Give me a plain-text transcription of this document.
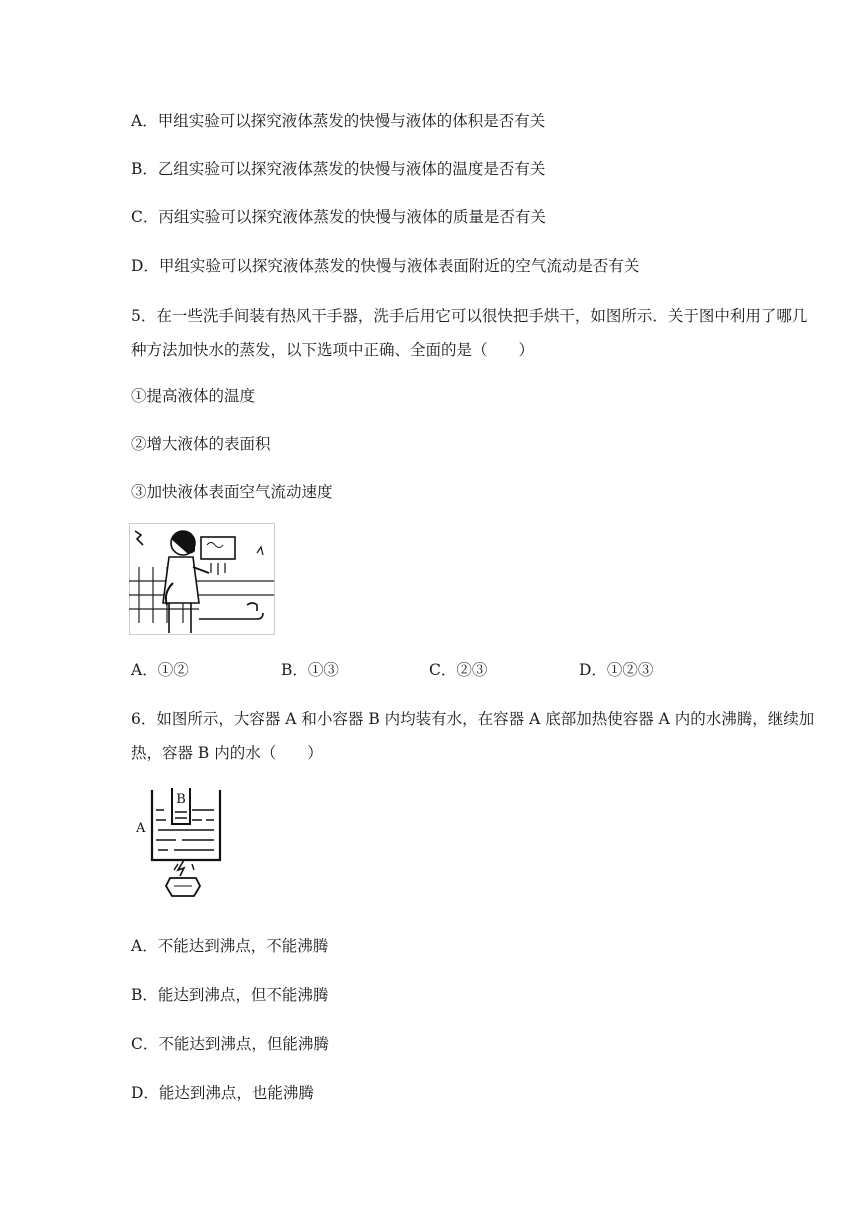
A．甲组实验可以探究液体蒸发的快慢与液体的体积是否有关
B．乙组实验可以探究液体蒸发的快慢与液体的温度是否有关
C．丙组实验可以探究液体蒸发的快慢与液体的质量是否有关
D．甲组实验可以探究液体蒸发的快慢与液体表面附近的空气流动是否有关
5．在一些洗手间装有热风干手器，洗手后用它可以很快把手烘干，如图所示．关于图中利用了哪几种方法加快水的蒸发，以下选项中正确、全面的是（　　）
①提高液体的温度
②增大液体的表面积
③加快液体表面空气流动速度
A．①②	B．①③	C．②③	D．①②③
6．如图所示，大容器 A 和小容器 B 内均装有水，在容器 A 底部加热使容器 A 内的水沸腾，继续加热，容器 B 内的水（　　）
B
A
A．不能达到沸点，不能沸腾
B．能达到沸点，但不能沸腾
C．不能达到沸点，但能沸腾
D．能达到沸点，也能沸腾
